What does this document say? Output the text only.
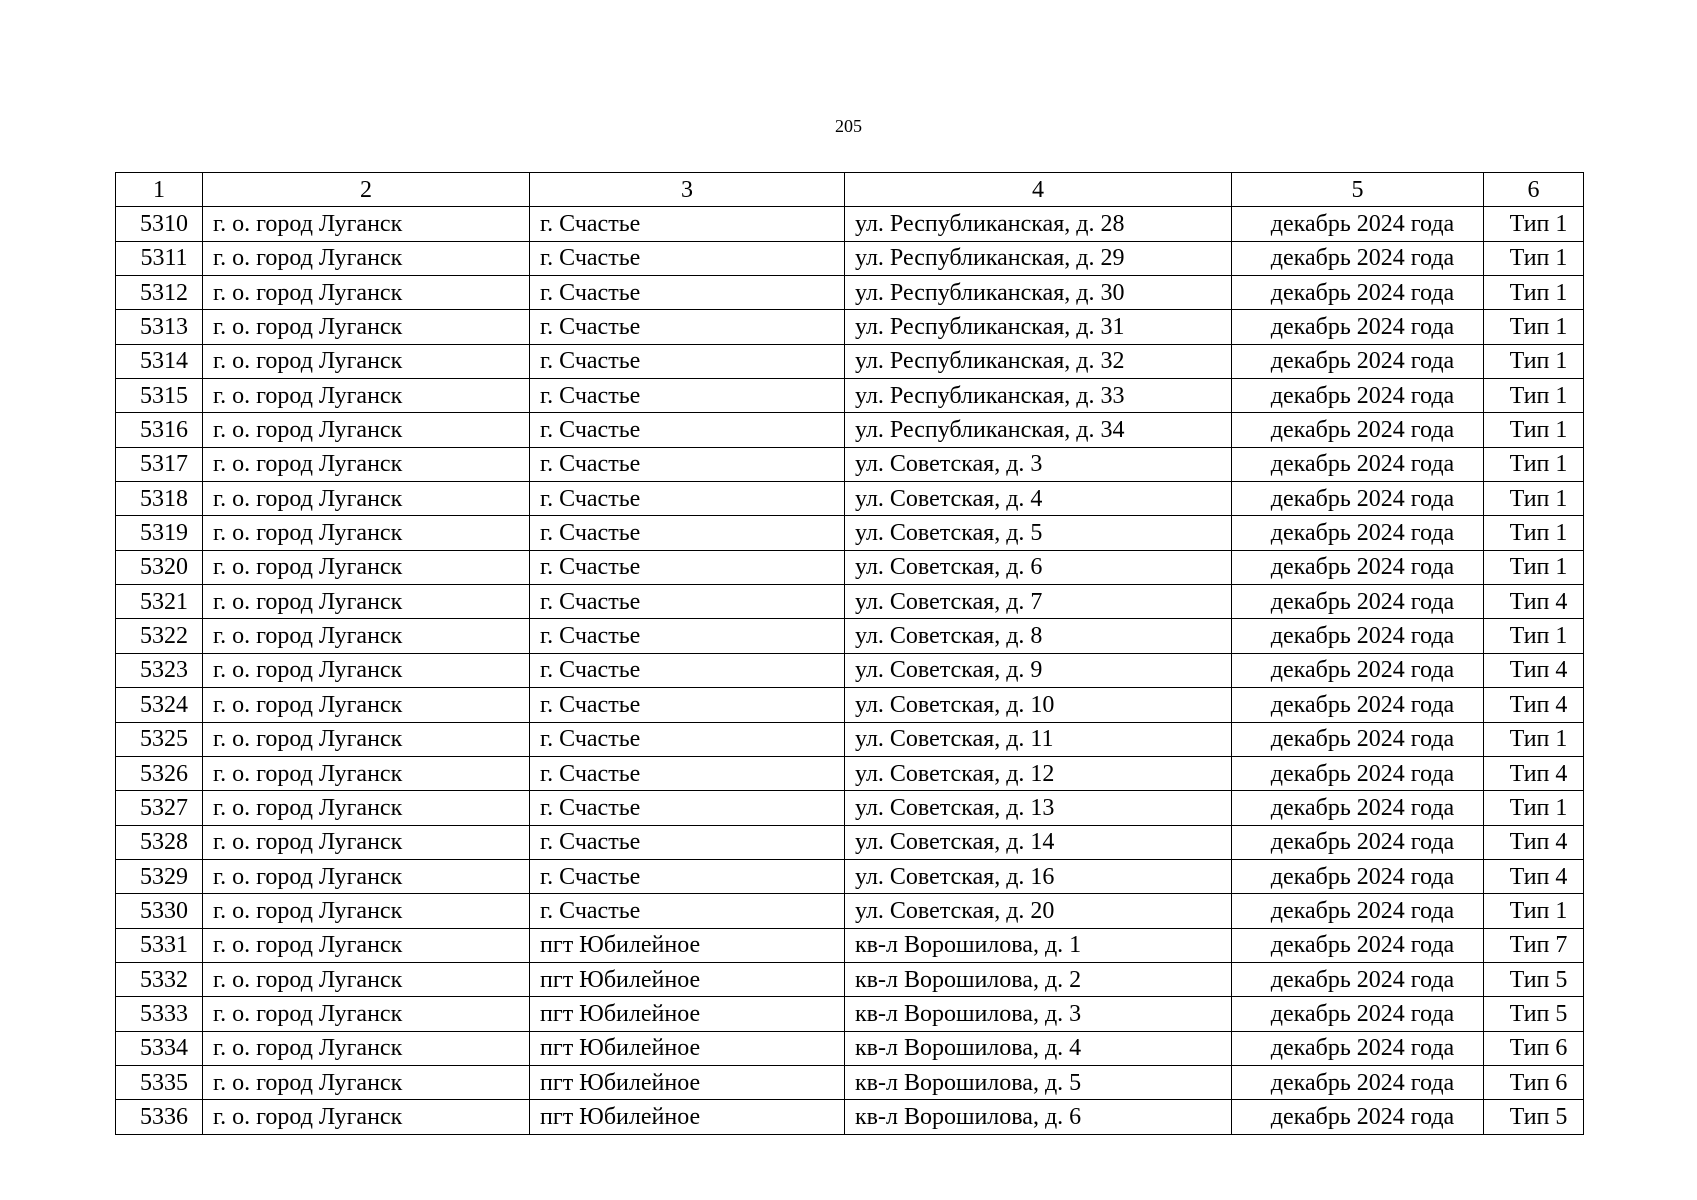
205
1	2	3	4	5	6
5310	г. о. город Луганск	г. Счастье	ул. Республиканская, д. 28	декабрь 2024 года	Тип 1
5311	г. о. город Луганск	г. Счастье	ул. Республиканская, д. 29	декабрь 2024 года	Тип 1
5312	г. о. город Луганск	г. Счастье	ул. Республиканская, д. 30	декабрь 2024 года	Тип 1
5313	г. о. город Луганск	г. Счастье	ул. Республиканская, д. 31	декабрь 2024 года	Тип 1
5314	г. о. город Луганск	г. Счастье	ул. Республиканская, д. 32	декабрь 2024 года	Тип 1
5315	г. о. город Луганск	г. Счастье	ул. Республиканская, д. 33	декабрь 2024 года	Тип 1
5316	г. о. город Луганск	г. Счастье	ул. Республиканская, д. 34	декабрь 2024 года	Тип 1
5317	г. о. город Луганск	г. Счастье	ул. Советская, д. 3	декабрь 2024 года	Тип 1
5318	г. о. город Луганск	г. Счастье	ул. Советская, д. 4	декабрь 2024 года	Тип 1
5319	г. о. город Луганск	г. Счастье	ул. Советская, д. 5	декабрь 2024 года	Тип 1
5320	г. о. город Луганск	г. Счастье	ул. Советская, д. 6	декабрь 2024 года	Тип 1
5321	г. о. город Луганск	г. Счастье	ул. Советская, д. 7	декабрь 2024 года	Тип 4
5322	г. о. город Луганск	г. Счастье	ул. Советская, д. 8	декабрь 2024 года	Тип 1
5323	г. о. город Луганск	г. Счастье	ул. Советская, д. 9	декабрь 2024 года	Тип 4
5324	г. о. город Луганск	г. Счастье	ул. Советская, д. 10	декабрь 2024 года	Тип 4
5325	г. о. город Луганск	г. Счастье	ул. Советская, д. 11	декабрь 2024 года	Тип 1
5326	г. о. город Луганск	г. Счастье	ул. Советская, д. 12	декабрь 2024 года	Тип 4
5327	г. о. город Луганск	г. Счастье	ул. Советская, д. 13	декабрь 2024 года	Тип 1
5328	г. о. город Луганск	г. Счастье	ул. Советская, д. 14	декабрь 2024 года	Тип 4
5329	г. о. город Луганск	г. Счастье	ул. Советская, д. 16	декабрь 2024 года	Тип 4
5330	г. о. город Луганск	г. Счастье	ул. Советская, д. 20	декабрь 2024 года	Тип 1
5331	г. о. город Луганск	пгт Юбилейное	кв-л Ворошилова, д. 1	декабрь 2024 года	Тип 7
5332	г. о. город Луганск	пгт Юбилейное	кв-л Ворошилова, д. 2	декабрь 2024 года	Тип 5
5333	г. о. город Луганск	пгт Юбилейное	кв-л Ворошилова, д. 3	декабрь 2024 года	Тип 5
5334	г. о. город Луганск	пгт Юбилейное	кв-л Ворошилова, д. 4	декабрь 2024 года	Тип 6
5335	г. о. город Луганск	пгт Юбилейное	кв-л Ворошилова, д. 5	декабрь 2024 года	Тип 6
5336	г. о. город Луганск	пгт Юбилейное	кв-л Ворошилова, д. 6	декабрь 2024 года	Тип 5
